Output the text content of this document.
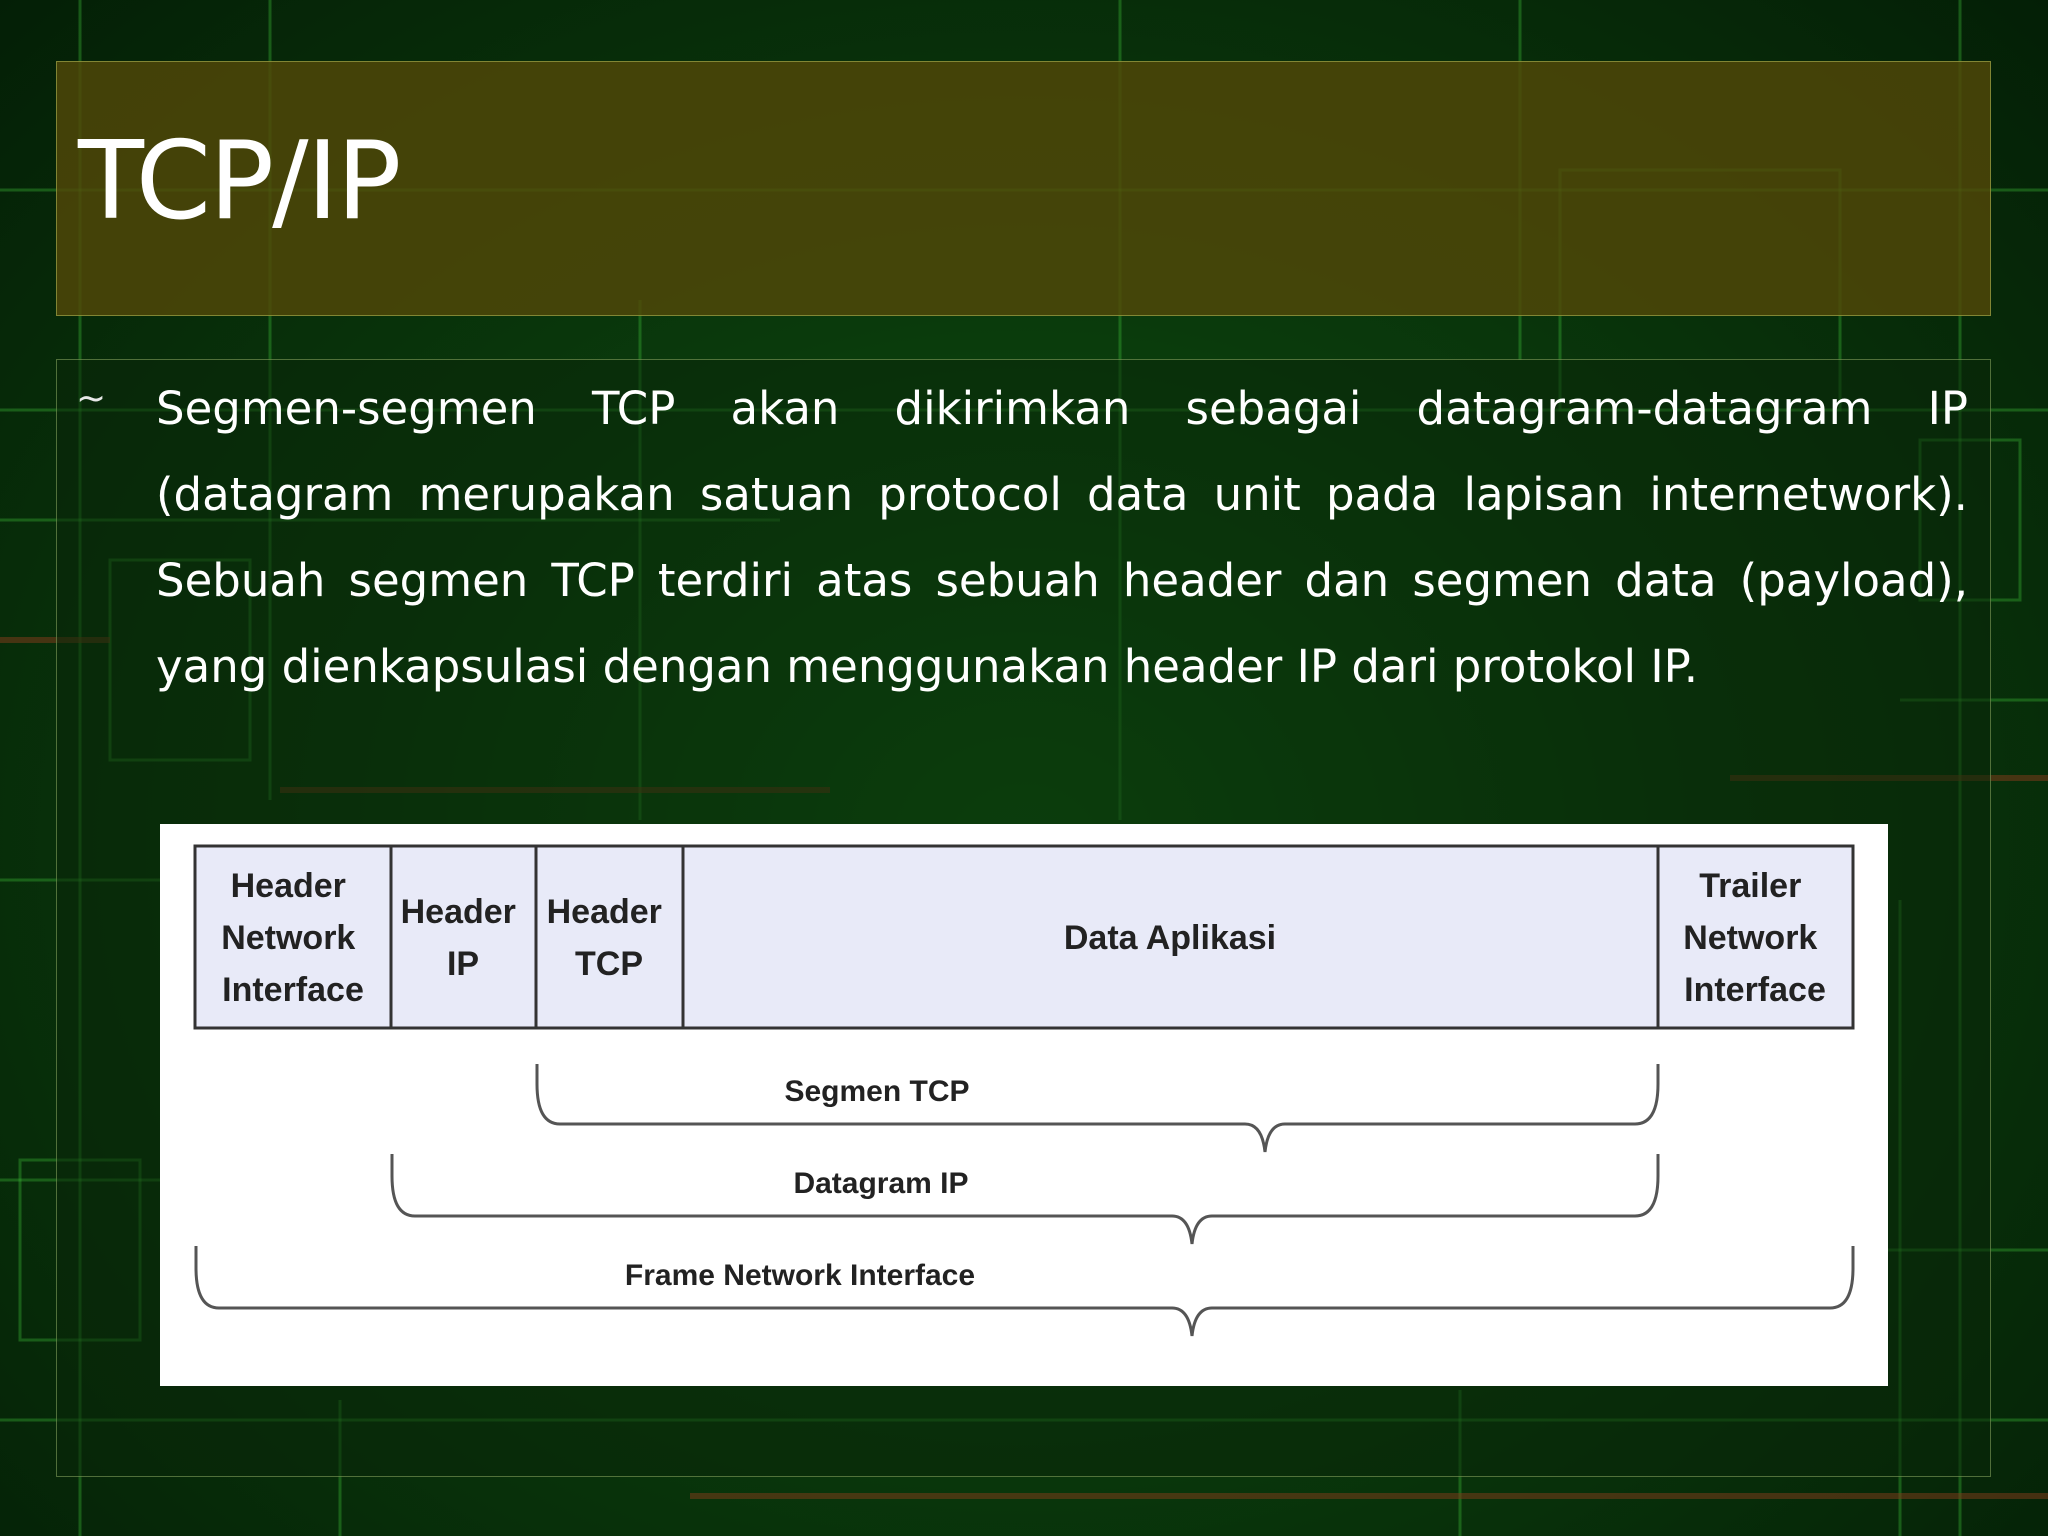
TCP/IP
~ Segmen-segmen TCP akan dikirimkan sebagai datagram-datagram IP (datagram merupakan satuan protocol data unit pada lapisan internetwork). Sebuah segmen TCP terdiri atas sebuah header dan segmen data (payload), yang dienkapsulasi dengan menggunakan header IP dari protokol IP.

Header Network Interface
Header IP
Header TCP
Data Aplikasi
Trailer Network Interface
Segmen TCP
Datagram IP
Frame Network Interface
